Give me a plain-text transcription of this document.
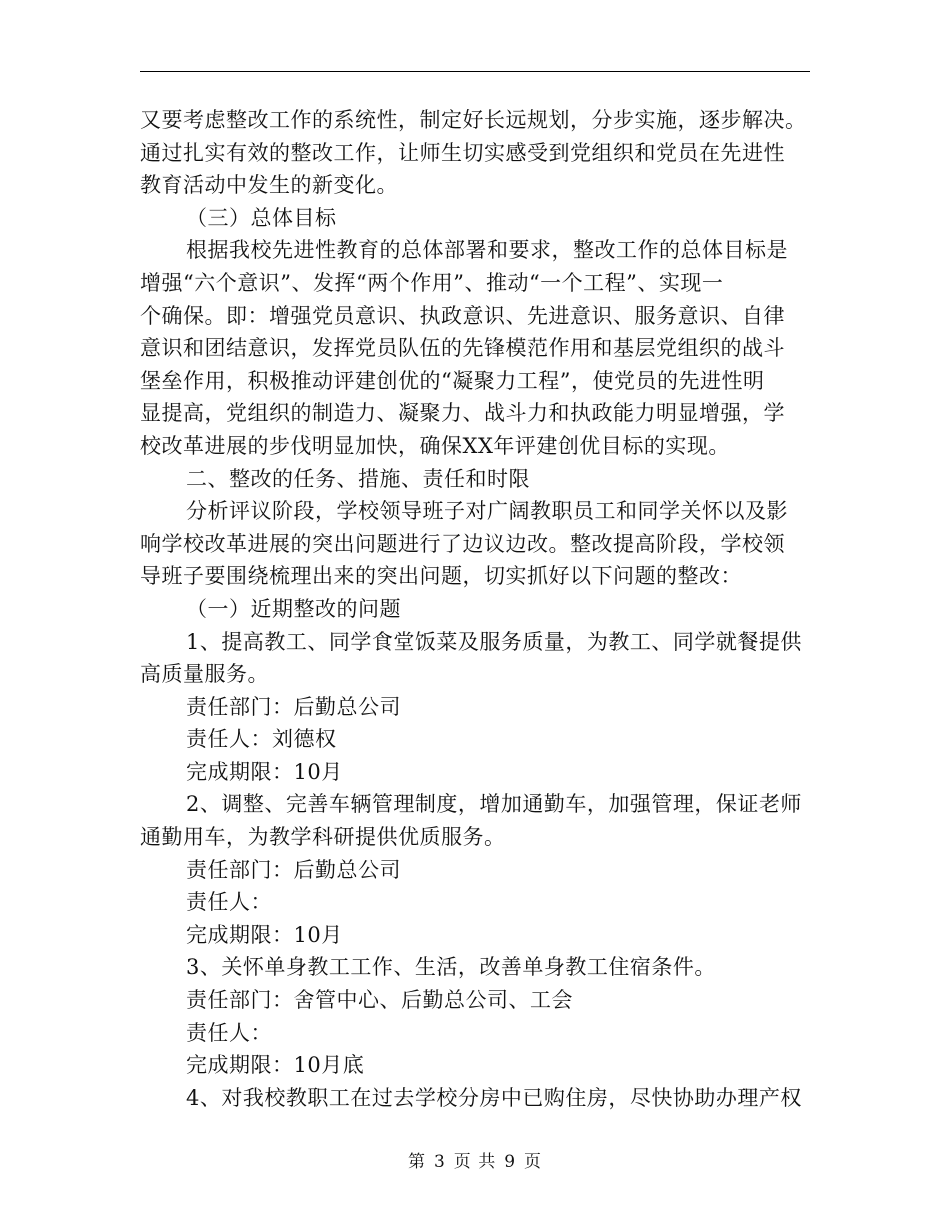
又要考虑整改工作的系统性，制定好长远规划，分步实施，逐步解决。
通过扎实有效的整改工作，让师生切实感受到党组织和党员在先进性
教育活动中发生的新变化。
（三）总体目标
根据我校先进性教育的总体部署和要求，整改工作的总体目标是
增强“六个意识”、发挥“两个作用”、推动“一个工程”、实现一
个确保。即：增强党员意识、执政意识、先进意识、服务意识、自律
意识和团结意识，发挥党员队伍的先锋模范作用和基层党组织的战斗
堡垒作用，积极推动评建创优的“凝聚力工程”，使党员的先进性明
显提高，党组织的制造力、凝聚力、战斗力和执政能力明显增强，学
校改革进展的步伐明显加快，确保XX年评建创优目标的实现。
二、整改的任务、措施、责任和时限
分析评议阶段，学校领导班子对广阔教职员工和同学关怀以及影
响学校改革进展的突出问题进行了边议边改。整改提高阶段，学校领
导班子要围绕梳理出来的突出问题，切实抓好以下问题的整改：
（一）近期整改的问题
1、提高教工、同学食堂饭菜及服务质量，为教工、同学就餐提供
高质量服务。
责任部门：后勤总公司
责任人：刘德权
完成期限：10月
2、调整、完善车辆管理制度，增加通勤车，加强管理，保证老师
通勤用车，为教学科研提供优质服务。
责任部门：后勤总公司
责任人：
完成期限：10月
3、关怀单身教工工作、生活，改善单身教工住宿条件。
责任部门：舍管中心、后勤总公司、工会
责任人：
完成期限：10月底
4、对我校教职工在过去学校分房中已购住房，尽快协助办理产权
第 3 页 共 9 页
